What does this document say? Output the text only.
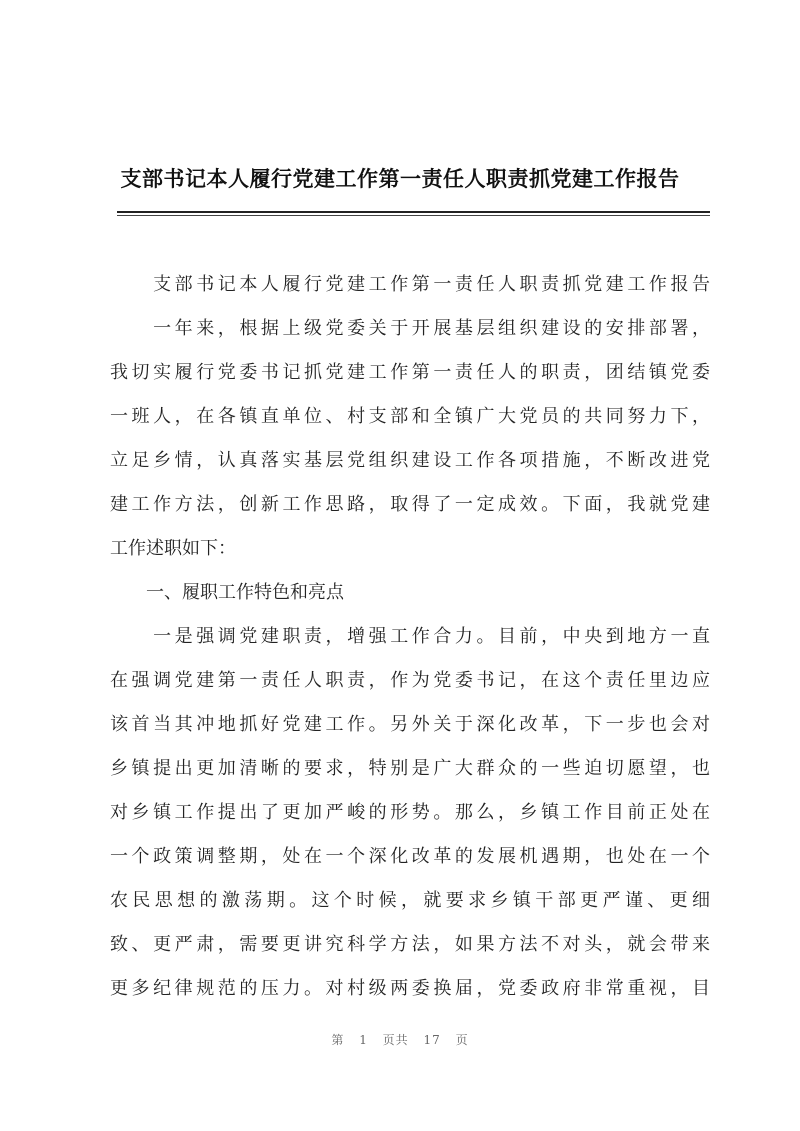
支部书记本人履行党建工作第一责任人职责抓党建工作报告
　　支部书记本人履行党建工作第一责任人职责抓党建工作报告
　　一年来，根据上级党委关于开展基层组织建设的安排部署，
我切实履行党委书记抓党建工作第一责任人的职责，团结镇党委
一班人，在各镇直单位、村支部和全镇广大党员的共同努力下，
立足乡情，认真落实基层党组织建设工作各项措施，不断改进党
建工作方法，创新工作思路，取得了一定成效。下面，我就党建
工作述职如下：
　　一、履职工作特色和亮点
　　一是强调党建职责，增强工作合力。目前，中央到地方一直
在强调党建第一责任人职责，作为党委书记，在这个责任里边应
该首当其冲地抓好党建工作。另外关于深化改革，下一步也会对
乡镇提出更加清晰的要求，特别是广大群众的一些迫切愿望，也
对乡镇工作提出了更加严峻的形势。那么，乡镇工作目前正处在
一个政策调整期，处在一个深化改革的发展机遇期，也处在一个
农民思想的激荡期。这个时候，就要求乡镇干部更严谨、更细
致、更严肃，需要更讲究科学方法，如果方法不对头，就会带来
更多纪律规范的压力。对村级两委换届，党委政府非常重视，目
第 1 页共 17 页
